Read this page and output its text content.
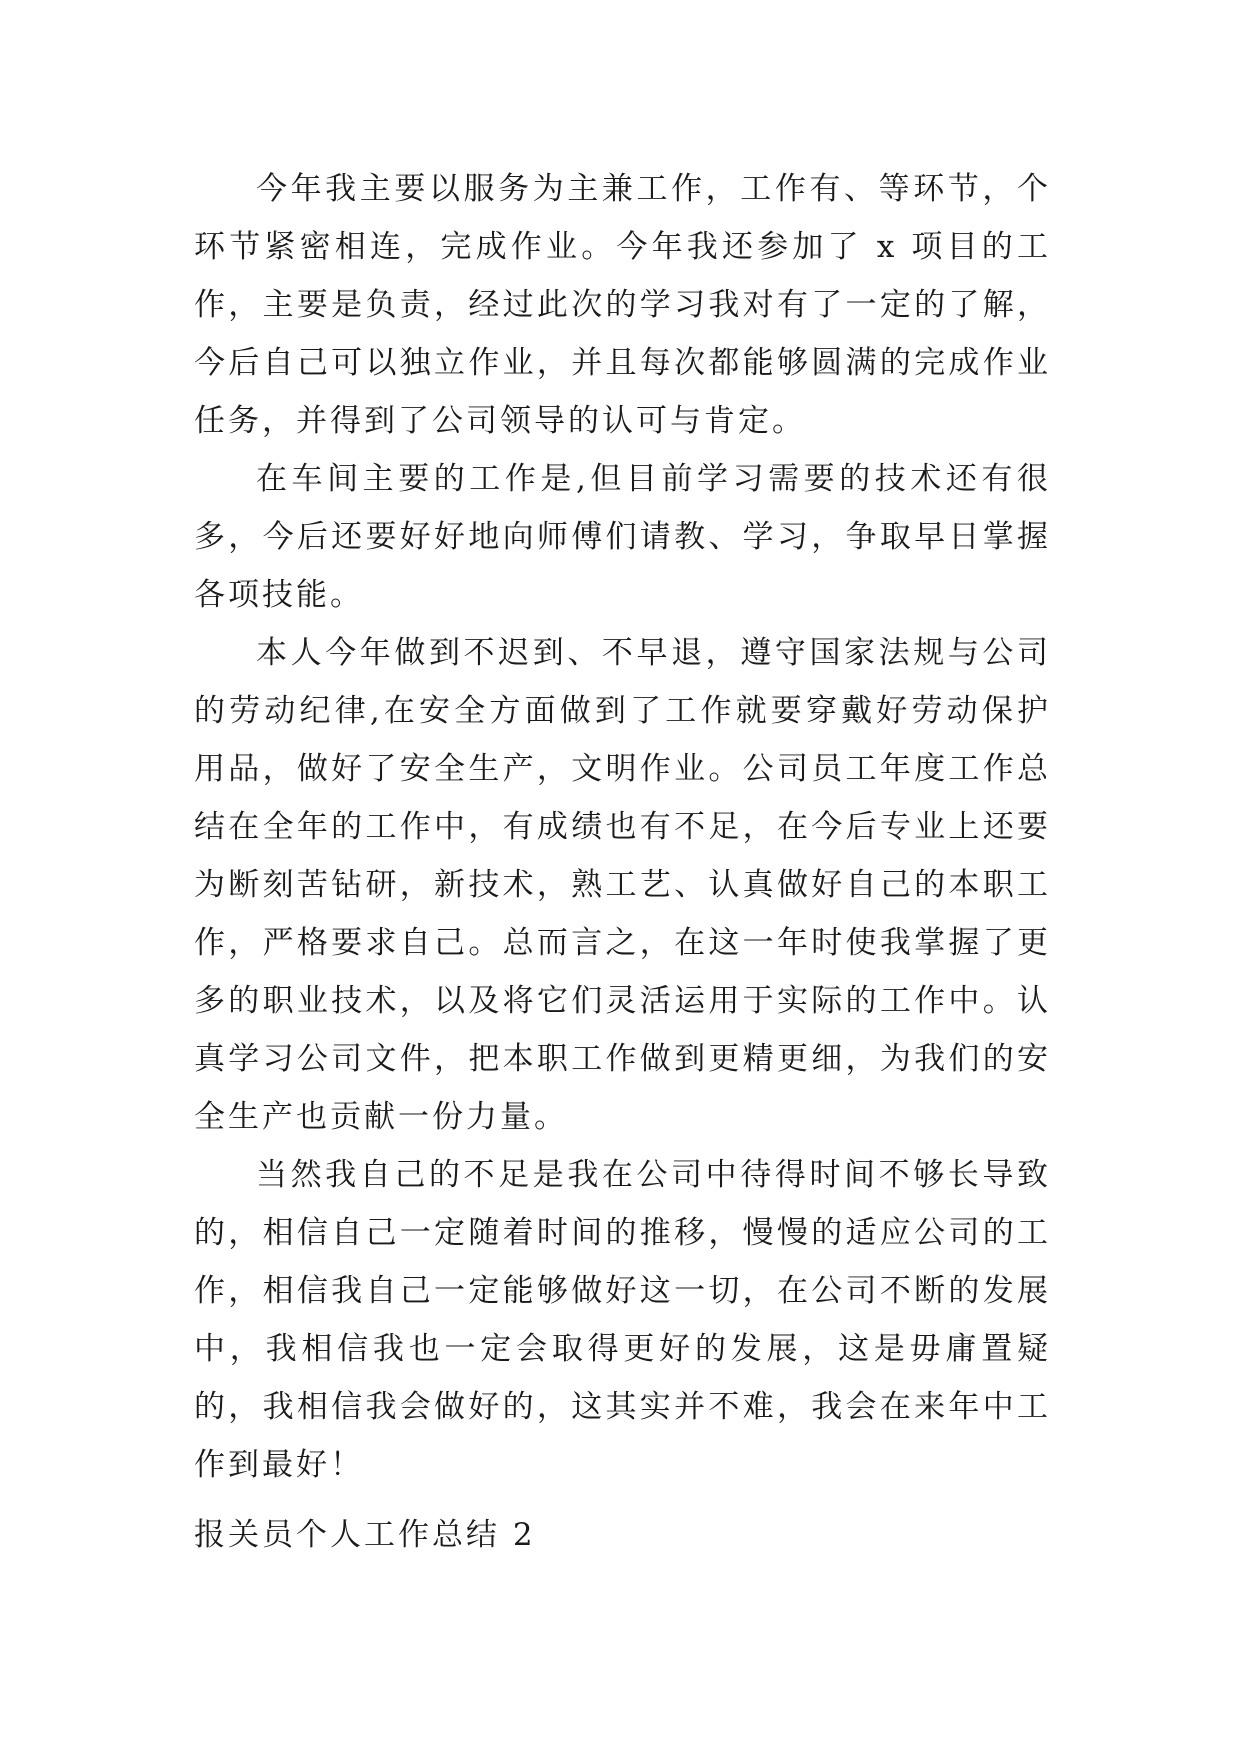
今年我主要以服务为主兼工作，工作有、等环节，个环节紧密相连，完成作业。今年我还参加了 x 项目的工作，主要是负责，经过此次的学习我对有了一定的了解，今后自己可以独立作业，并且每次都能够圆满的完成作业任务，并得到了公司领导的认可与肯定。

在车间主要的工作是,但目前学习需要的技术还有很多，今后还要好好地向师傅们请教、学习，争取早日掌握各项技能。

本人今年做到不迟到、不早退，遵守国家法规与公司的劳动纪律,在安全方面做到了工作就要穿戴好劳动保护用品，做好了安全生产，文明作业。公司员工年度工作总结在全年的工作中，有成绩也有不足，在今后专业上还要为断刻苦钻研，新技术，熟工艺、认真做好自己的本职工作，严格要求自己。总而言之，在这一年时使我掌握了更多的职业技术，以及将它们灵活运用于实际的工作中。认真学习公司文件，把本职工作做到更精更细，为我们的安全生产也贡献一份力量。

当然我自己的不足是我在公司中待得时间不够长导致的，相信自己一定随着时间的推移，慢慢的适应公司的工作，相信我自己一定能够做好这一切，在公司不断的发展中，我相信我也一定会取得更好的发展，这是毋庸置疑的，我相信我会做好的，这其实并不难，我会在来年中工作到最好！

报关员个人工作总结 2
